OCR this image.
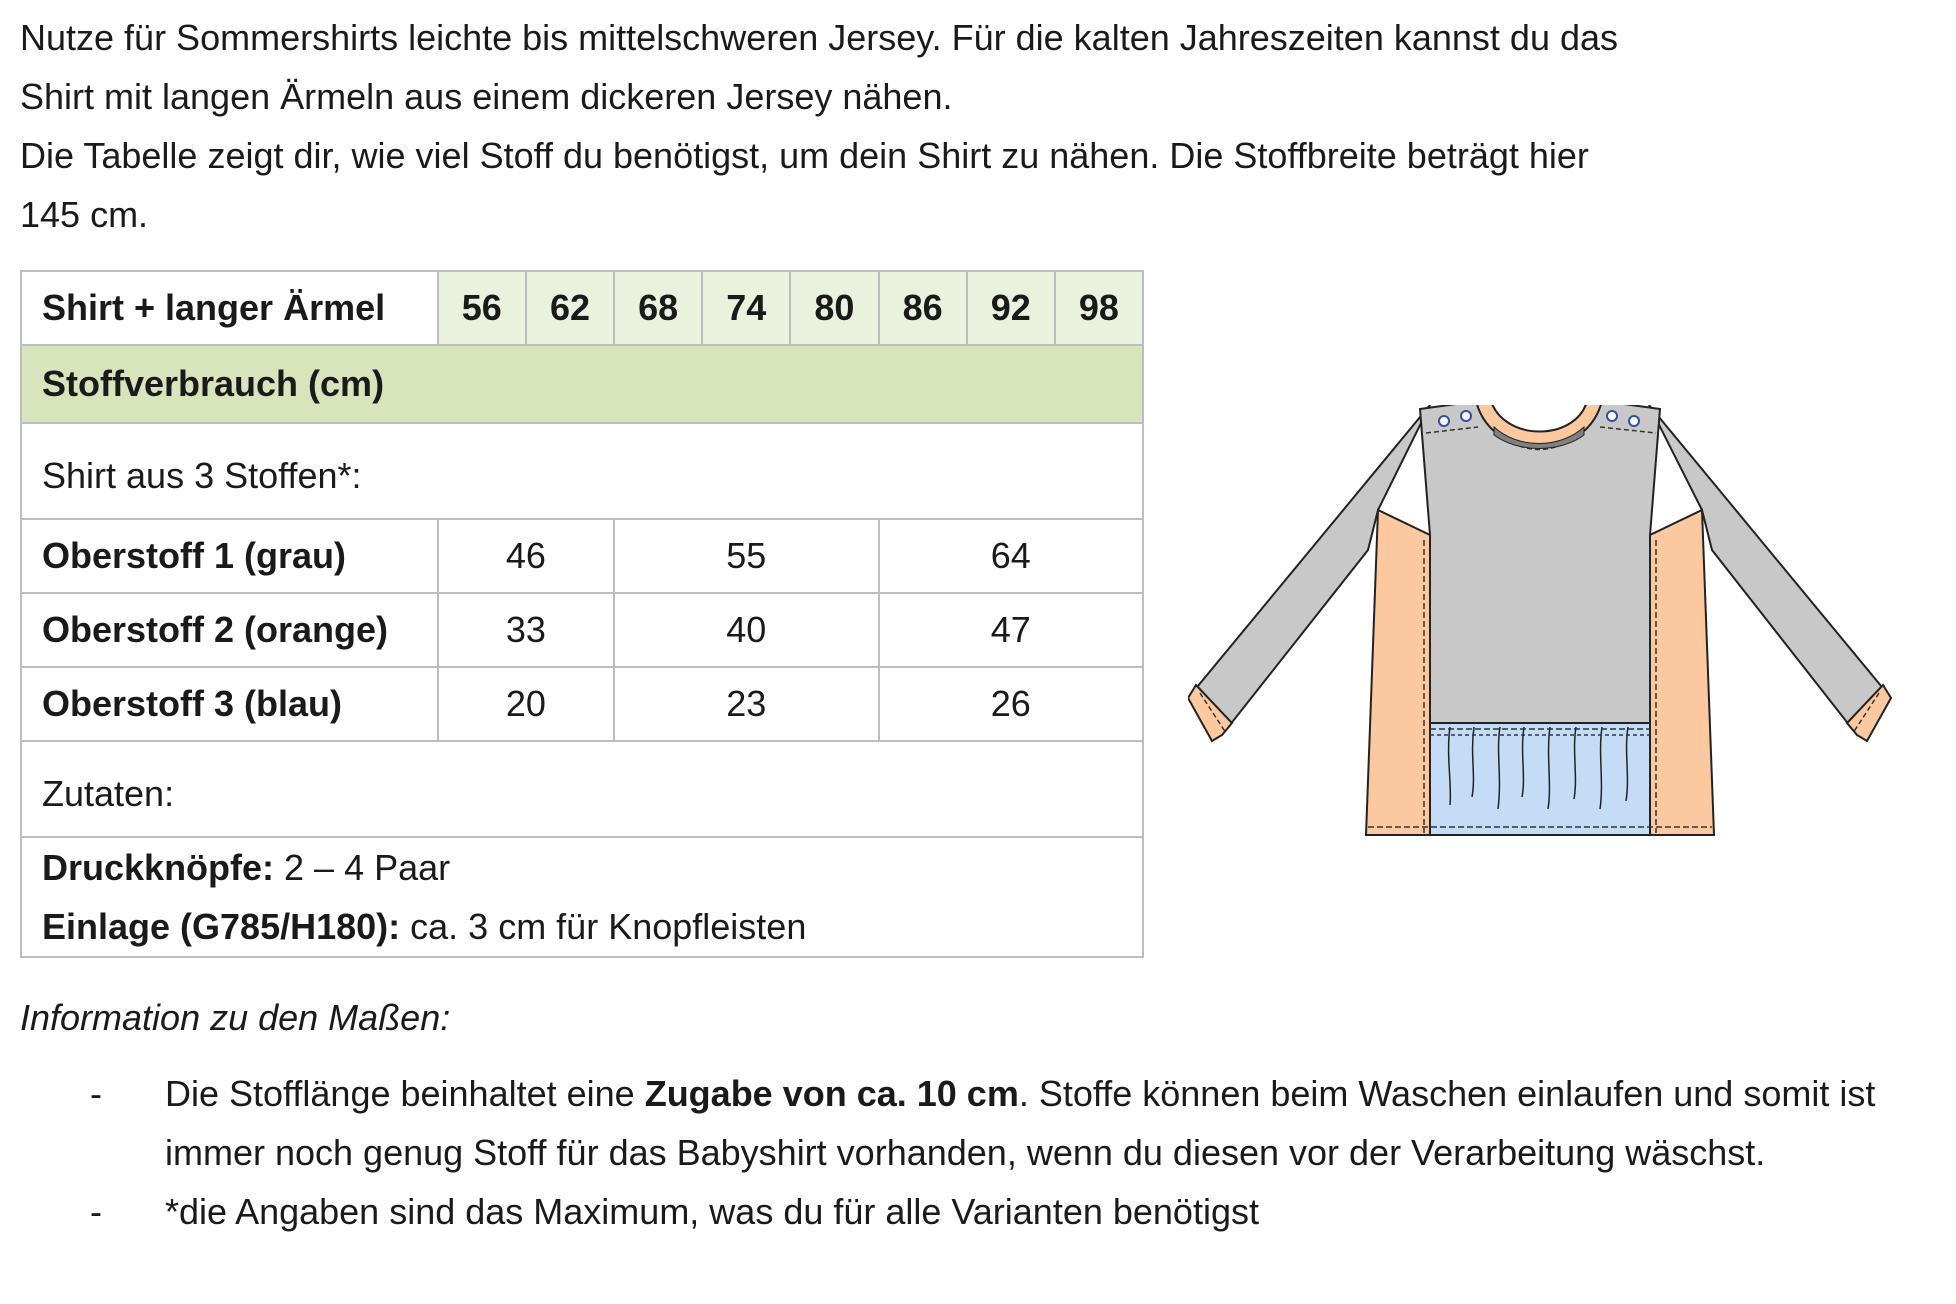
Nutze für Sommershirts leichte bis mittelschweren Jersey. Für die kalten Jahreszeiten kannst du das

Shirt mit langen Ärmeln aus einem dickeren Jersey nähen.

Die Tabelle zeigt dir, wie viel Stoff du benötigst, um dein Shirt zu nähen. Die Stoffbreite beträgt hier

145 cm.

Shirt + langer Ärmel	56	62	68	74	80	86	92	98
Stoffverbrauch (cm)								
Shirt aus 3 Stoffen*:								
Oberstoff 1 (grau)	46		55			64		
Oberstoff 2 (orange)	33		40			47		
Oberstoff 3 (blau)	20		23			26		
Zutaten:								

Druckknöpfe: 2 – 4 Paar
Einlage (G785/H180): ca. 3 cm für Knopfleisten								
Information zu den Maßen:
- Die Stofflänge beinhaltet eine Zugabe von ca. 10 cm. Stoffe können beim Waschen einlaufen und somit ist immer noch genug Stoff für das Babyshirt vorhanden, wenn du diesen vor der Verarbeitung wäschst.
- *die Angaben sind das Maximum, was du für alle Varianten benötigst
